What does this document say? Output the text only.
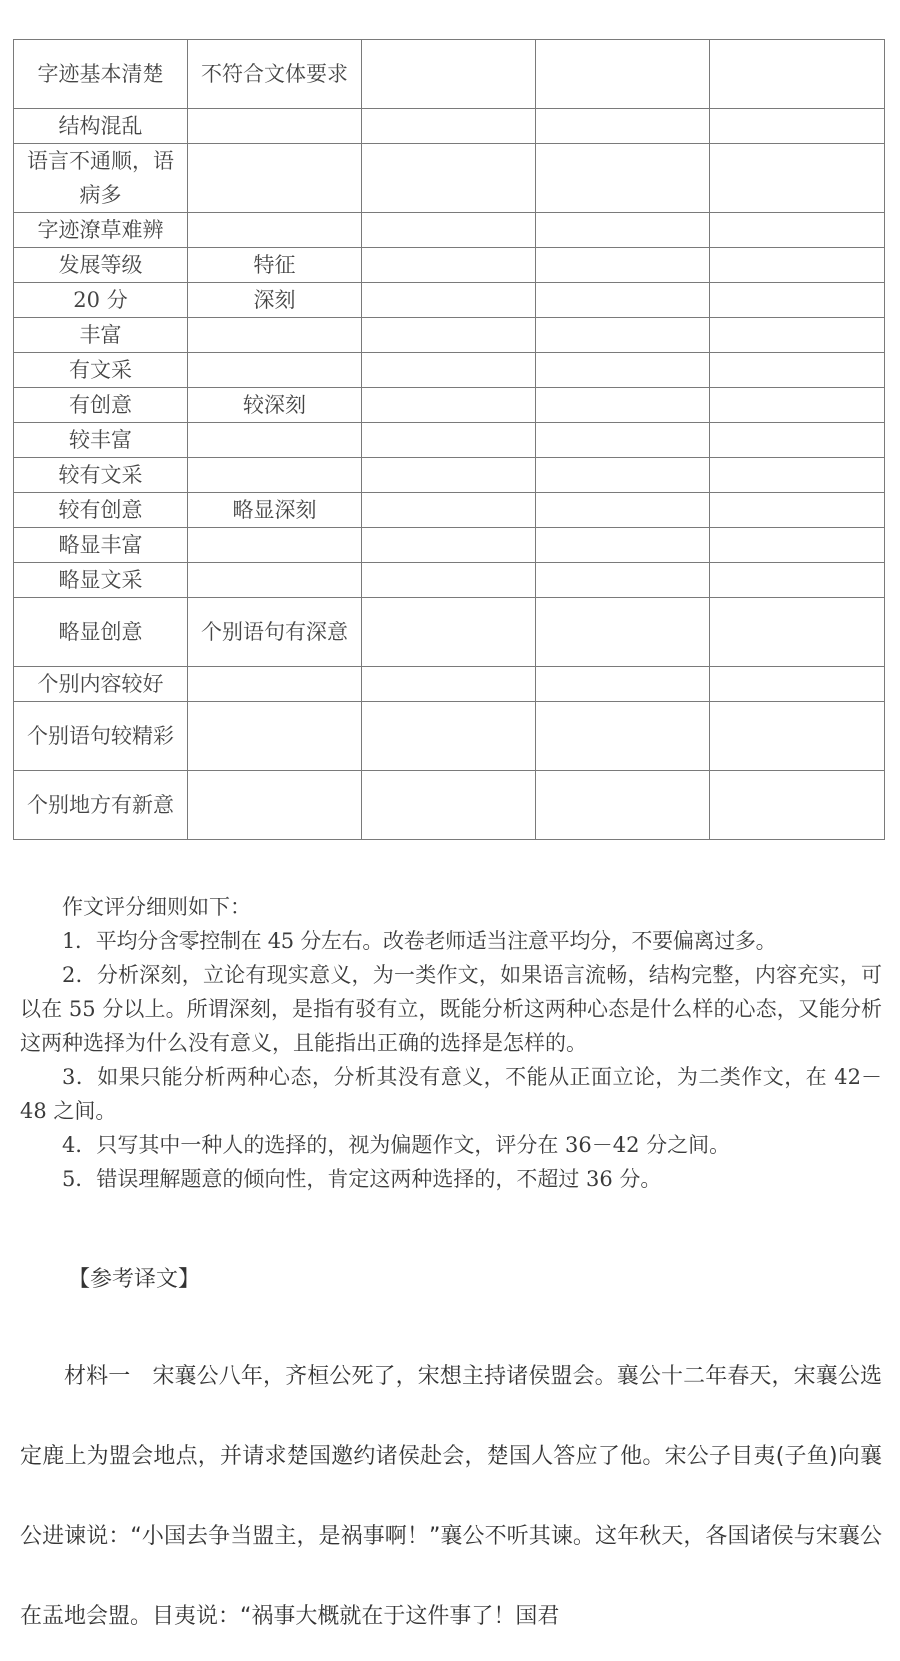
字迹基本清楚	不符合文体要求			
结构混乱				
语言不通顺，语病多				
字迹潦草难辨				
发展等级	特征			
20 分	深刻			
丰富				
有文采				
有创意	较深刻			
较丰富				
较有文采				
较有创意	略显深刻			
略显丰富				
略显文采				
略显创意	个别语句有深意			
个别内容较好				
个别语句较精彩				
个别地方有新意				

作文评分细则如下：

1．平均分含零控制在 45 分左右。改卷老师适当注意平均分，不要偏离过多。

2．分析深刻，立论有现实意义，为一类作文，如果语言流畅，结构完整，内容充实，可以在 55 分以上。所谓深刻，是指有驳有立，既能分析这两种心态是什么样的心态，又能分析这两种选择为什么没有意义，且能指出正确的选择是怎样的。

3．如果只能分析两种心态，分析其没有意义，不能从正面立论，为二类作文，在 42－48 之间。

4．只写其中一种人的选择的，视为偏题作文，评分在 36－42 分之间。

5．错误理解题意的倾向性，肯定这两种选择的，不超过 36 分。

【参考译文】

材料一　宋襄公八年，齐桓公死了，宋想主持诸侯盟会。襄公十二年春天，宋襄公选定鹿上为盟会地点，并请求楚国邀约诸侯赴会，楚国人答应了他。宋公子目夷(子鱼)向襄公进谏说：“小国去争当盟主，是祸事啊！”襄公不听其谏。这年秋天，各国诸侯与宋襄公在盂地会盟。目夷说：“祸事大概就在于这件事了！国君
